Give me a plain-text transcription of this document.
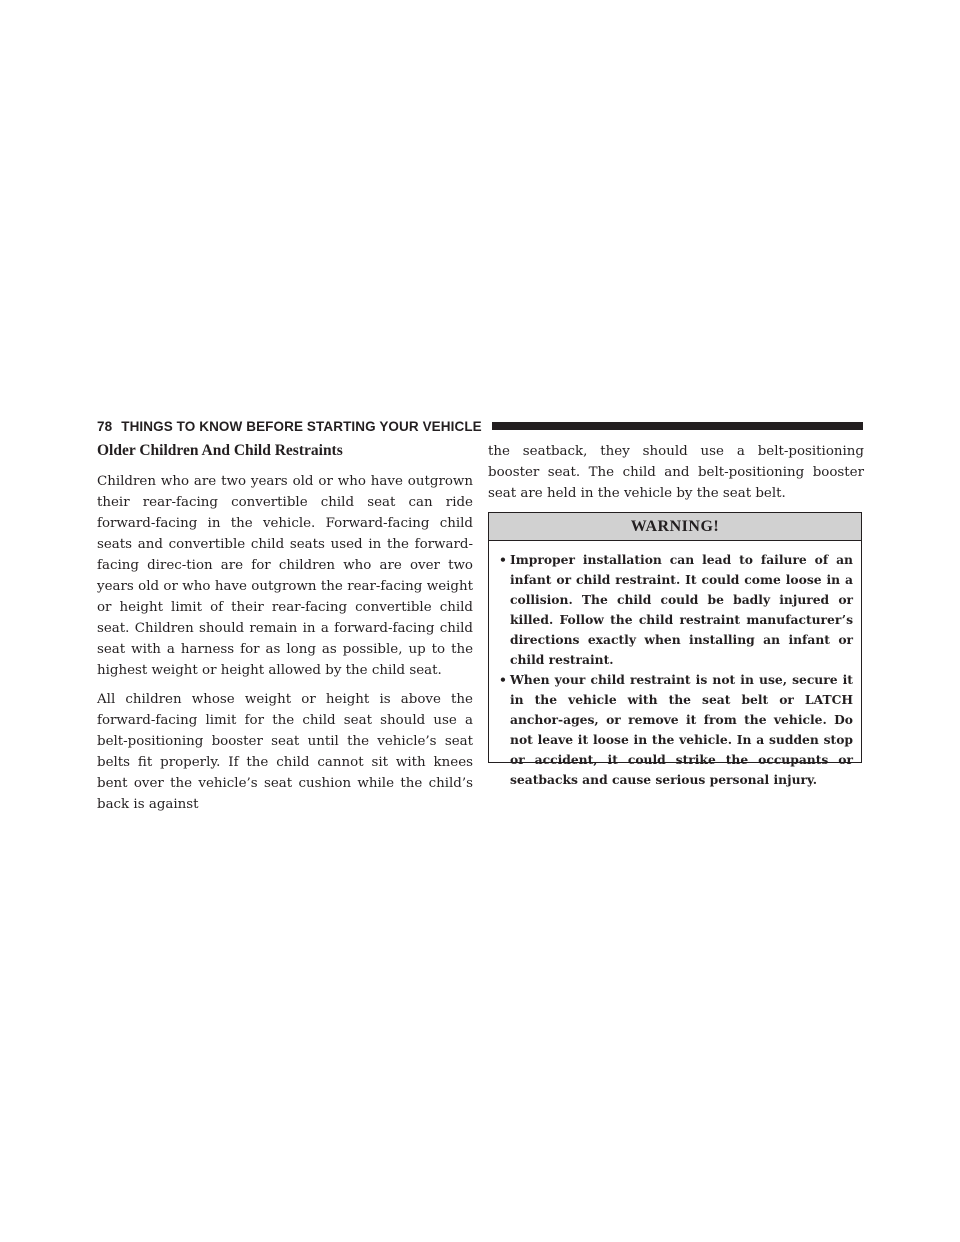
78 THINGS TO KNOW BEFORE STARTING YOUR VEHICLE
Older Children And Child Restraints

Children who are two years old or who have outgrown their rear-facing convertible child seat can ride forward-facing in the vehicle. Forward-facing child seats and convertible child seats used in the forward-facing direc-tion are for children who are over two years old or who have outgrown the rear-facing weight or height limit of their rear-facing convertible child seat. Children should remain in a forward-facing child seat with a harness for as long as possible, up to the highest weight or height allowed by the child seat.

All children whose weight or height is above the forward-facing limit for the child seat should use a belt-positioning booster seat until the vehicle’s seat belts fit properly. If the child cannot sit with knees bent over the vehicle’s seat cushion while the child’s back is against

the seatback, they should use a belt-positioning booster seat. The child and belt-positioning booster seat are held in the vehicle by the seat belt.

WARNING!
• Improper installation can lead to failure of an infant or child restraint. It could come loose in a collision. The child could be badly injured or killed. Follow the child restraint manufacturer’s directions exactly when installing an infant or child restraint.
• When your child restraint is not in use, secure it in the vehicle with the seat belt or LATCH anchor-ages, or remove it from the vehicle. Do not leave it loose in the vehicle. In a sudden stop or accident, it could strike the occupants or seatbacks and cause serious personal injury.
